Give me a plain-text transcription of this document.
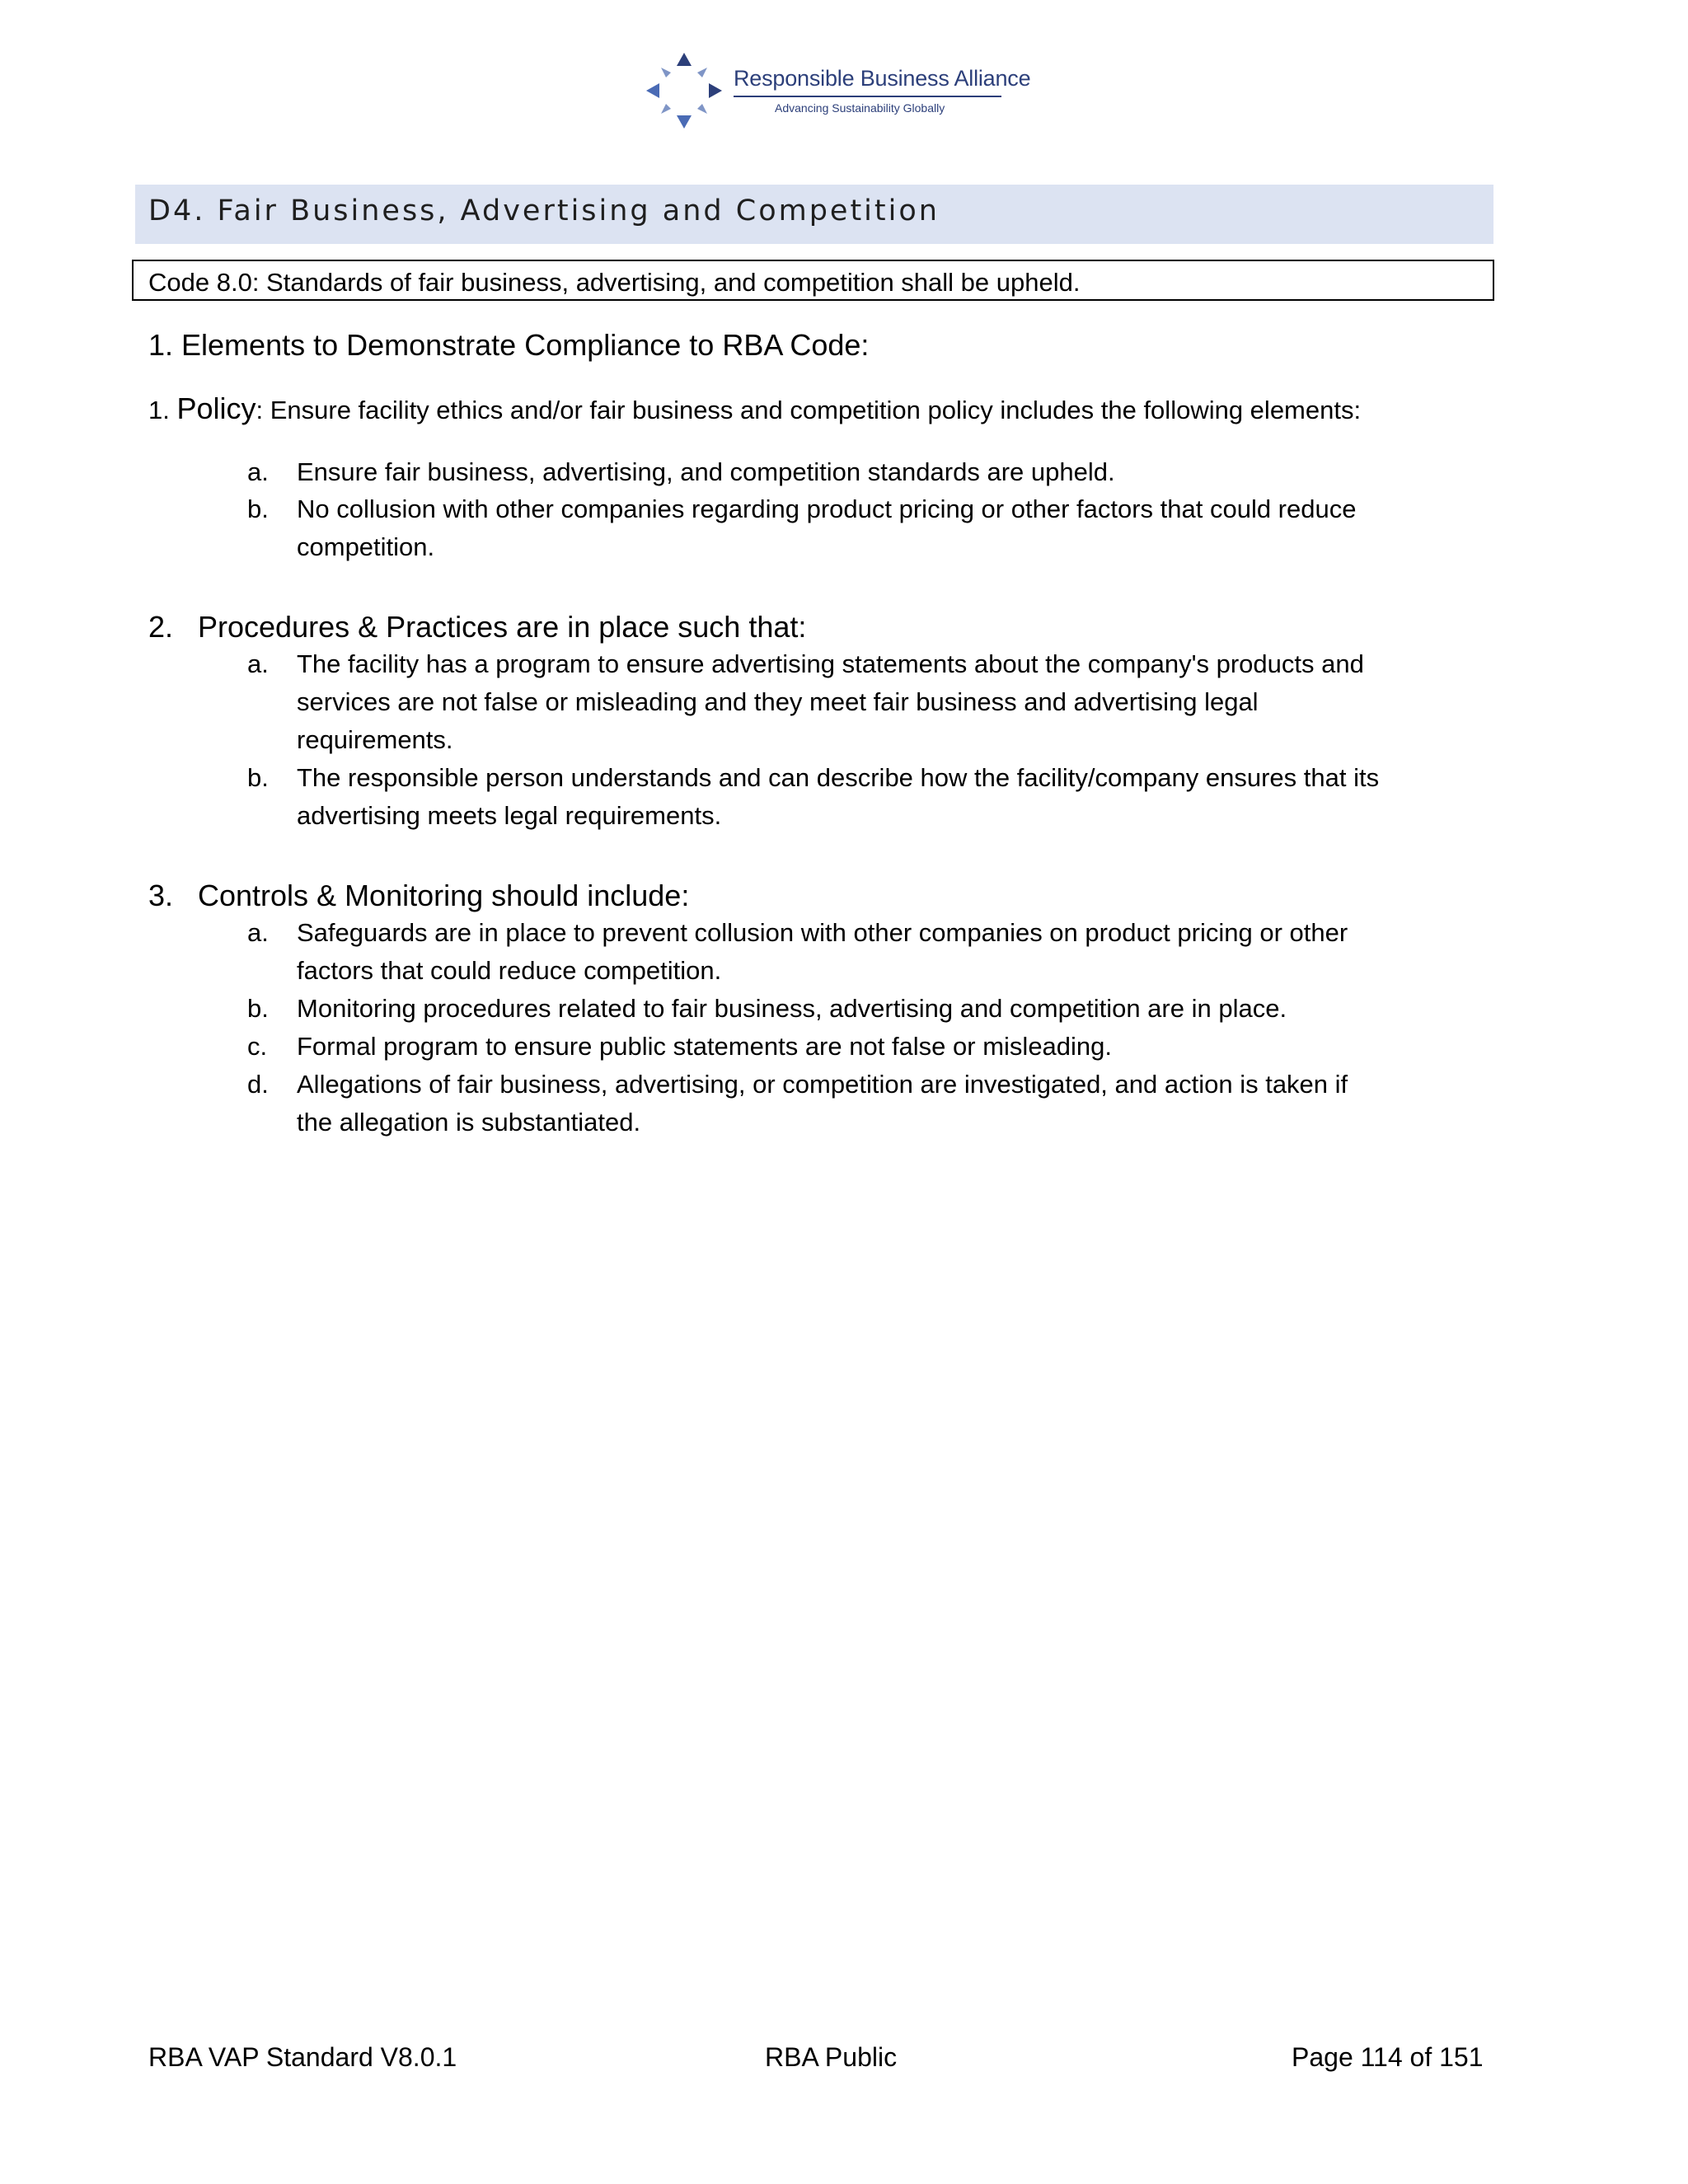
Responsible Business Alliance
Advancing Sustainability Globally
D4. Fair Business, Advertising and Competition
Code 8.0: Standards of fair business, advertising, and competition shall be upheld.
1. Elements to Demonstrate Compliance to RBA Code:
1. Policy: Ensure facility ethics and/or fair business and competition policy includes the following elements:
a. Ensure fair business, advertising, and competition standards are upheld.
b. No collusion with other companies regarding product pricing or other factors that could reduce
competition.
2. Procedures & Practices are in place such that:
a. The facility has a program to ensure advertising statements about the company's products and
services are not false or misleading and they meet fair business and advertising legal
requirements.
b. The responsible person understands and can describe how the facility/company ensures that its
advertising meets legal requirements.
3. Controls & Monitoring should include:
a. Safeguards are in place to prevent collusion with other companies on product pricing or other
factors that could reduce competition.
b. Monitoring procedures related to fair business, advertising and competition are in place.
c. Formal program to ensure public statements are not false or misleading.
d. Allegations of fair business, advertising, or competition are investigated, and action is taken if
the allegation is substantiated.
RBA VAP Standard V8.0.1	RBA Public	Page 114 of 151
